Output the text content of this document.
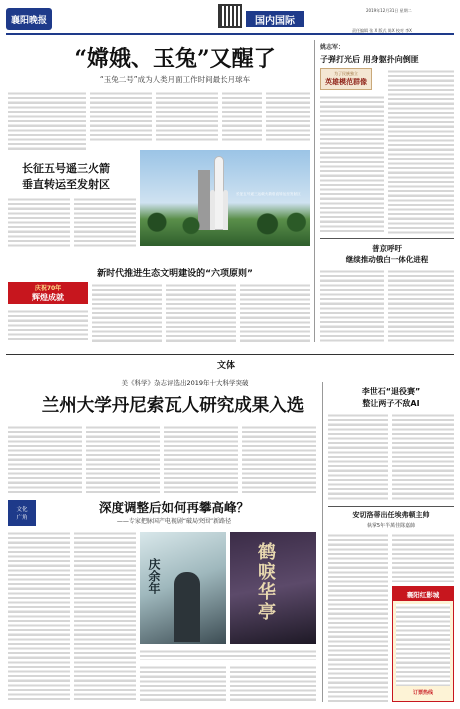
襄阳晚报	国内国际
2019年12月31日 星期二
责任编辑 张 X 版式 陈X 校对 李X
“嫦娥、玉兔”又醒了
“玉兔二号”成为人类月面工作时间最长月球车
长征五号遥三火箭
垂直转运至发射区
长征五号遥三运载火箭垂直转运至发射区
新时代推进生态文明建设的“六项原则”
庆祝70年
辉煌成就
姚志军：
子弹打光后 用身躯扑向倒匪
为了民族独立
英雄模范群像
普京呼吁
继续推动俄白一体化进程
文体
美《科学》杂志评选出2019年十大科学突破
兰州大学丹尼索瓦人研究成果入选
文化
广角
深度调整后如何再攀高峰？
——专家把脉国产电视剧“破局突围”新路径
庆余年	鹤唳华亭
李世石“退役赛”
整让两子不敌AI
安切洛蒂出任埃弗顿主帅
執掌5年半萬佳隊嘉帥
襄阳红影城
订票热线
